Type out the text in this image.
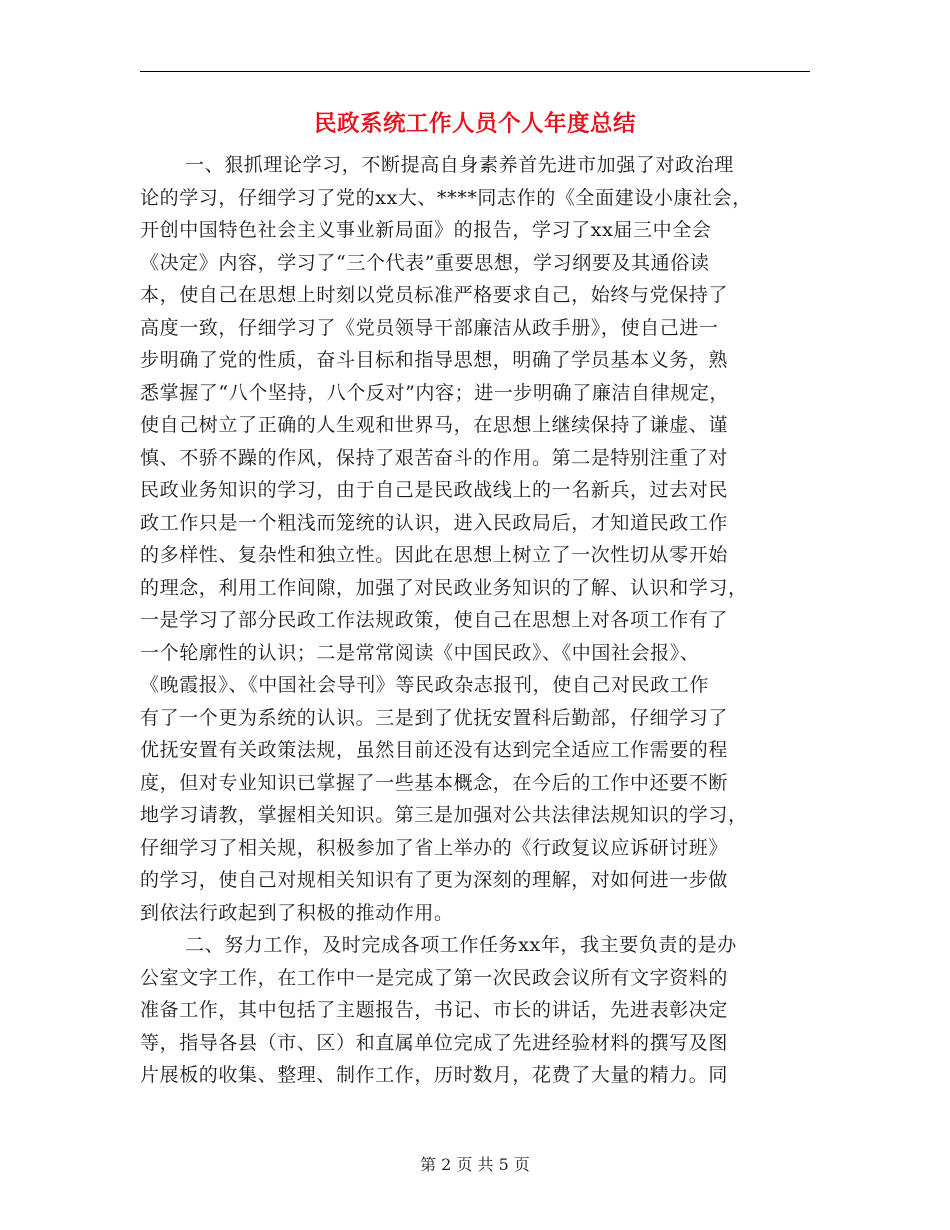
民政系统工作人员个人年度总结
一、狠抓理论学习，不断提高自身素养首先进市加强了对政治理
论的学习，仔细学习了党的xx大、****同志作的《全面建设小康社会，
开创中国特色社会主义事业新局面》的报告，学习了xx届三中全会
《决定》内容，学习了“三个代表”重要思想，学习纲要及其通俗读
本，使自己在思想上时刻以党员标准严格要求自己，始终与党保持了
高度一致，仔细学习了《党员领导干部廉洁从政手册》，使自己进一
步明确了党的性质，奋斗目标和指导思想，明确了学员基本义务，熟
悉掌握了“八个坚持，八个反对”内容；进一步明确了廉洁自律规定，
使自己树立了正确的人生观和世界马，在思想上继续保持了谦虚、谨
慎、不骄不躁的作风，保持了艰苦奋斗的作用。第二是特别注重了对
民政业务知识的学习，由于自己是民政战线上的一名新兵，过去对民
政工作只是一个粗浅而笼统的认识，进入民政局后，才知道民政工作
的多样性、复杂性和独立性。因此在思想上树立了一次性切从零开始
的理念，利用工作间隙，加强了对民政业务知识的了解、认识和学习，
一是学习了部分民政工作法规政策，使自己在思想上对各项工作有了
一个轮廓性的认识；二是常常阅读《中国民政》、《中国社会报》、
《晚霞报》、《中国社会导刊》等民政杂志报刊，使自己对民政工作
有了一个更为系统的认识。三是到了优抚安置科后勤部，仔细学习了
优抚安置有关政策法规，虽然目前还没有达到完全适应工作需要的程
度，但对专业知识已掌握了一些基本概念，在今后的工作中还要不断
地学习请教，掌握相关知识。第三是加强对公共法律法规知识的学习，
仔细学习了相关规，积极参加了省上举办的《行政复议应诉研讨班》
的学习，使自己对规相关知识有了更为深刻的理解，对如何进一步做
到依法行政起到了积极的推动作用。
二、努力工作，及时完成各项工作任务xx年，我主要负责的是办
公室文字工作，在工作中一是完成了第一次民政会议所有文字资料的
准备工作，其中包括了主题报告，书记、市长的讲话，先进表彰决定
等，指导各县（市、区）和直属单位完成了先进经验材料的撰写及图
片展板的收集、整理、制作工作，历时数月，花费了大量的精力。同
第 2 页 共 5 页
